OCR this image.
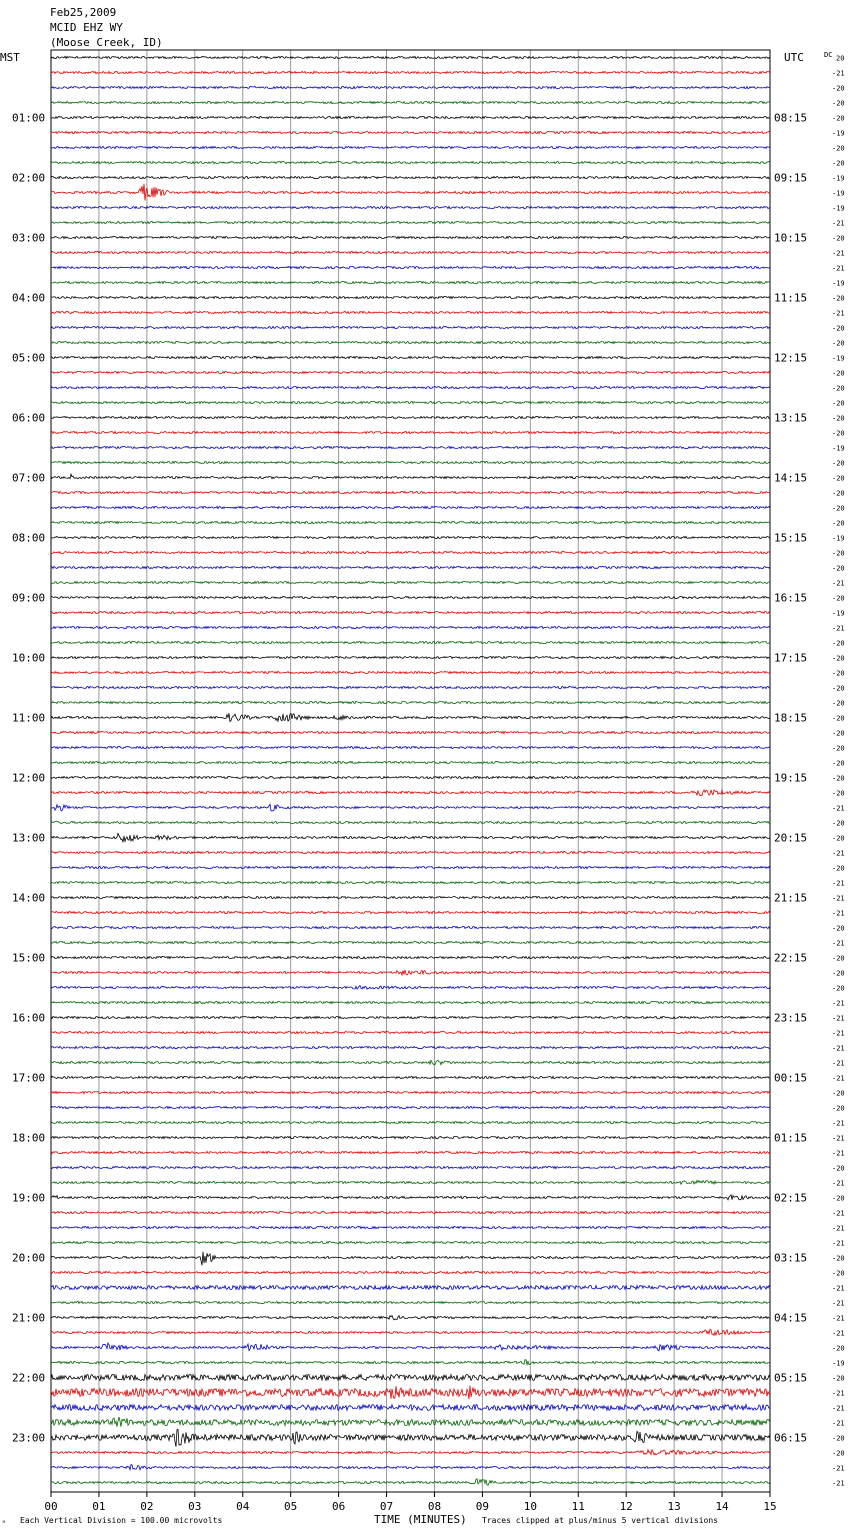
Feb25,2009
MCID EHZ WY
(Moose Creek, ID)
MST	UTC	DC
01:00
02:00
03:00
04:00
05:00
06:00
07:00
08:00
09:00
10:00
11:00
12:00
13:00
14:00
15:00
16:00
17:00
18:00
19:00
20:00
21:00
22:00
23:00
08:15
09:15
10:15
11:15
12:15
13:15
14:15
15:15
16:15
17:15
18:15
19:15
20:15
21:15
22:15
23:15
00:15
01:15
02:15
03:15
04:15
05:15
06:15
20
-21
-20
-20
-20
-19
-20
-20
-19
-19
-19
-21
-20
-21
-21
-19
-20
-21
-20
-20
-19
-20
-20
-20
-20
-20
-19
-20
-20
-20
-20
-20
-19
-20
-20
-21
-20
-19
-21
-20
-20
-20
-20
-20
-20
-20
-20
-20
-20
-20
-21
-20
-20
-21
-20
-21
-21
-21
-20
-21
-20
-20
-20
-21
-21
-21
-21
-21
-21
-20
-20
-21
-21
-21
-20
-21
-20
-21
-21
-21
-20
-20
-21
-21
-21
-21
-20
-19
-20
-21
-21
-21
-20
-20
-21
-21
00	01	02	03	04	05	06	07	08	09	10	11	12	13	14	15
ᴹ Each Vertical Division = 100.00 microvolts	TIME (MINUTES) Traces clipped at plus/minus 5 vertical divisions
